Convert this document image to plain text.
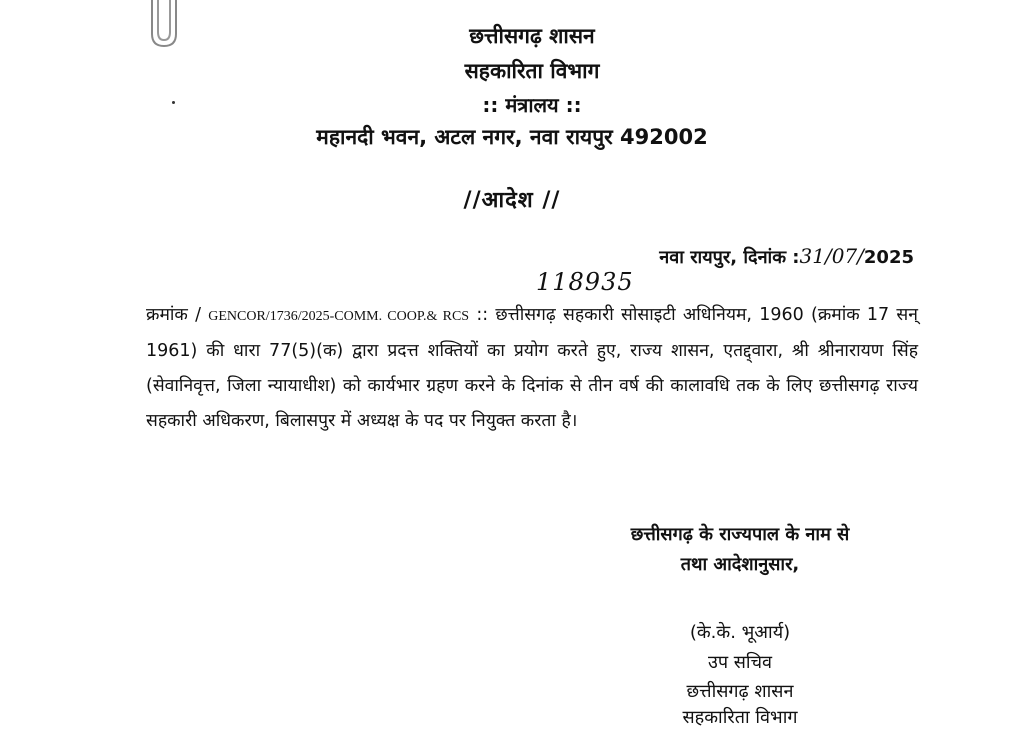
छत्तीसगढ़ शासन
सहकारिता विभाग
:: मंत्रालय ::
महानदी भवन, अटल नगर, नवा रायपुर 492002
//आदेश //
नवा रायपुर, दिनांक :31/07/2025
118935
क्रमांक / GENCOR/1736/2025-COMM. COOP.& RCS :: छत्तीसगढ़ सहकारी सोसाइटी अधिनियम, 1960 (क्रमांक 17 सन् 1961) की धारा 77(5)(क) द्वारा प्रदत्त शक्तियों का प्रयोग करते हुए, राज्य शासन, एतद्द्वारा, श्री श्रीनारायण सिंह (सेवानिवृत्त, जिला न्यायाधीश) को कार्यभार ग्रहण करने के दिनांक से तीन वर्ष की कालावधि तक के लिए छत्तीसगढ़ राज्य सहकारी अधिकरण, बिलासपुर में अध्यक्ष के पद पर नियुक्त करता है।
छत्तीसगढ़ के राज्यपाल के नाम से
तथा आदेशानुसार,
(के.के. भूआर्य)
उप सचिव
छत्तीसगढ़ शासन
सहकारिता विभाग
